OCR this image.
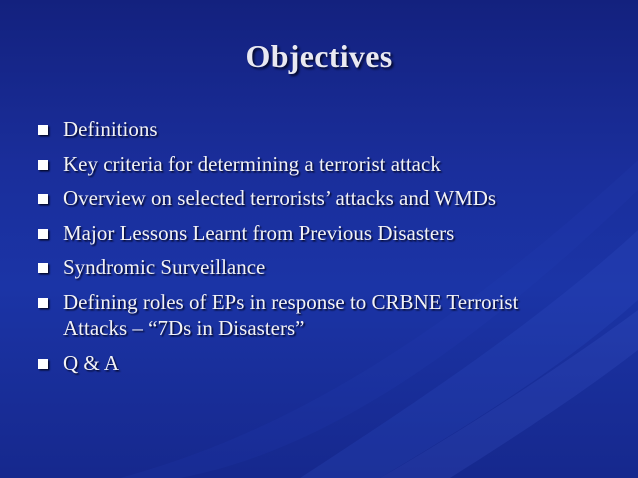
Objectives
Definitions
Key criteria for determining a terrorist attack
Overview on selected terrorists’ attacks and WMDs
Major Lessons Learnt from Previous Disasters
Syndromic Surveillance
Defining roles of EPs in response to CRBNE Terrorist
Attacks – “7Ds in Disasters”
Q & A
